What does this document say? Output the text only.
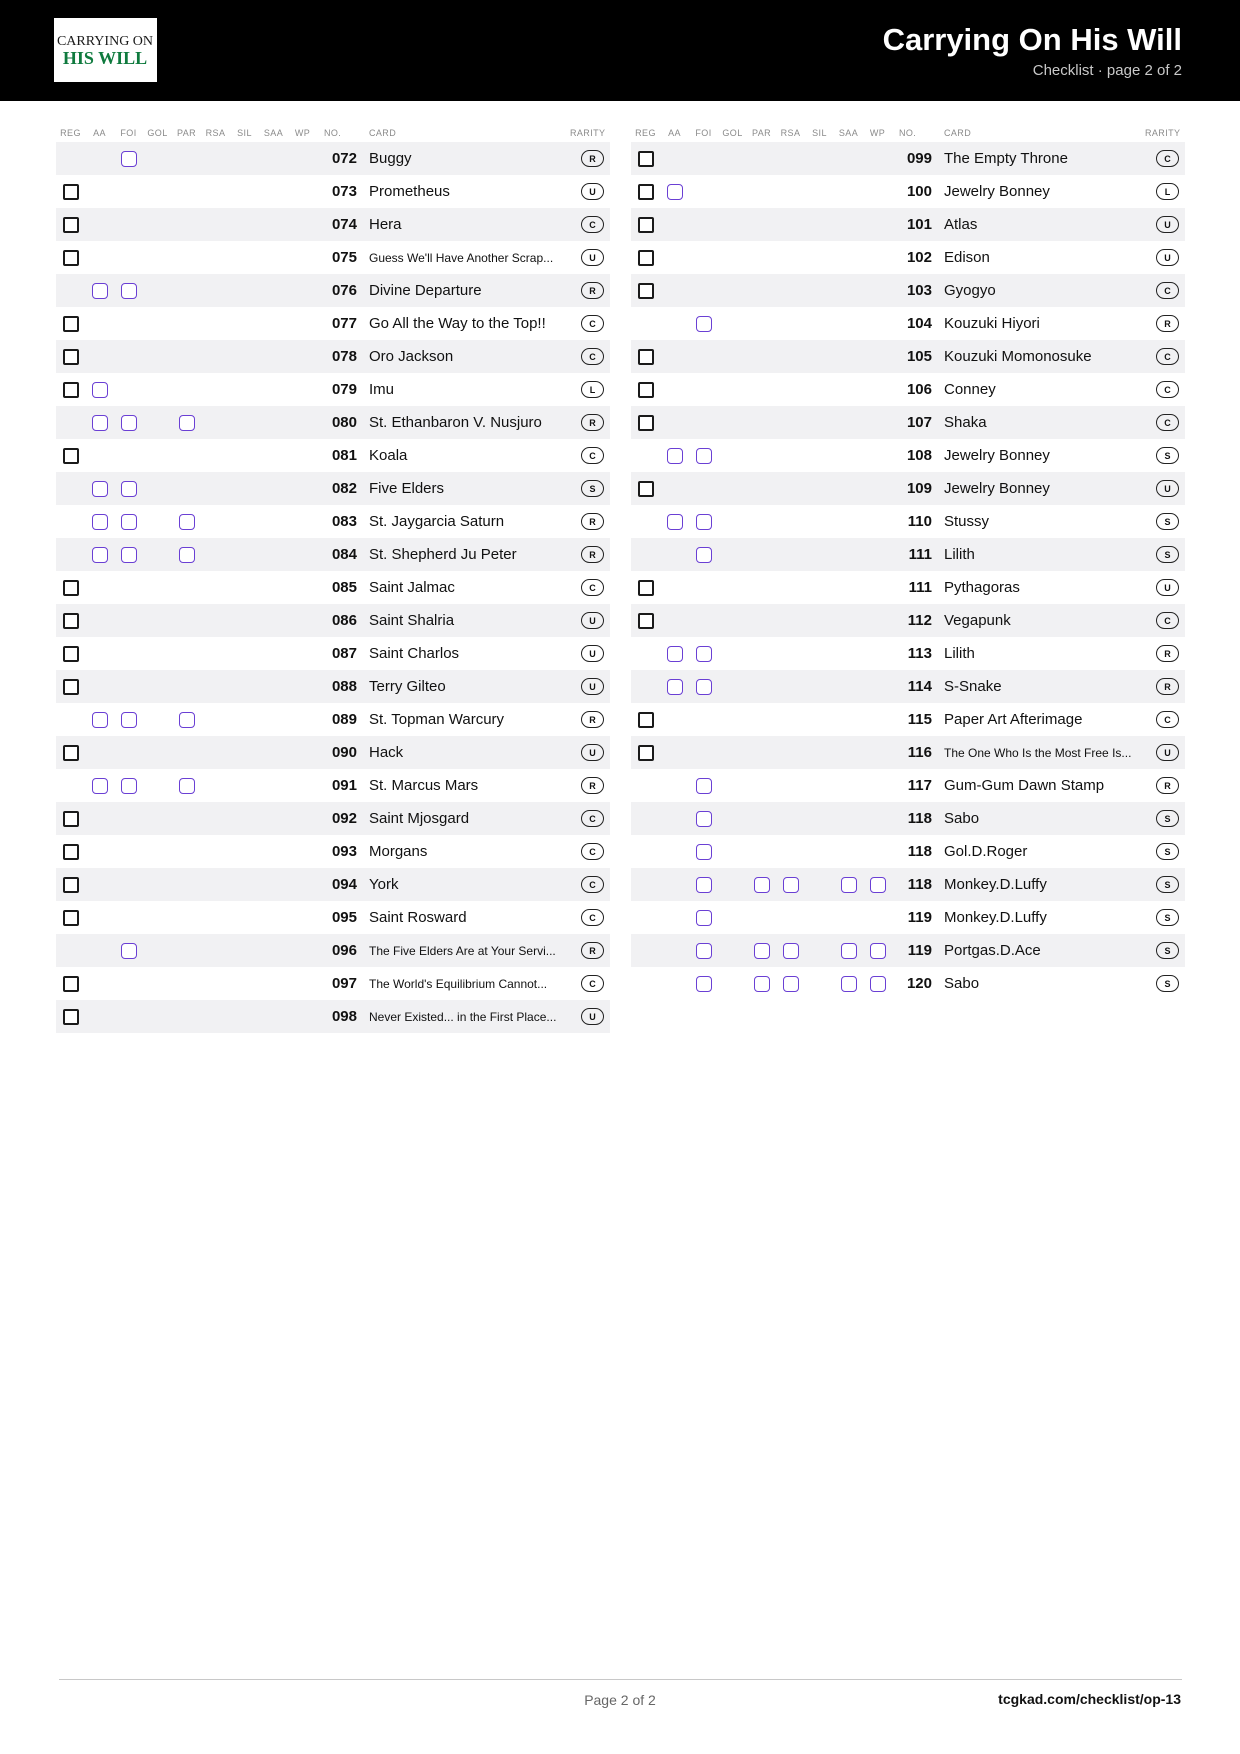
CARRYING ON
HIS WILL
Carrying On His Will
Checklist · page 2 of 2
REG	AA	FOI	GOL	PAR	RSA	SIL	SAA	WP	NO.	CARD	RARITY
072 Buggy	R
073 Prometheus	U
074 Hera	C
075	Guess We'll Have Another Scrap...	U
076 Divine Departure	R
077 Go All the Way to the Top!!	C
078 Oro Jackson	C
079 Imu	L
080 St. Ethanbaron V. Nusjuro	R
081 Koala	C
082 Five Elders	S
083 St. Jaygarcia Saturn	R
084 St. Shepherd Ju Peter	R
085 Saint Jalmac	C
086 Saint Shalria	U
087 Saint Charlos	U
088 Terry Gilteo	U
089 St. Topman Warcury	R
090 Hack	U
091 St. Marcus Mars	R
092 Saint Mjosgard	C
093 Morgans	C
094 York	C
095 Saint Rosward	C
096	The Five Elders Are at Your Servi...	R
097	The World's Equilibrium Cannot...	C
098	Never Existed... in the First Place...	U
REG	AA	FOI	GOL	PAR	RSA	SIL	SAA	WP	NO.	CARD	RARITY
099 The Empty Throne	C
100 Jewelry Bonney	L
101 Atlas	U
102 Edison	U
103 Gyogyo	C
104 Kouzuki Hiyori	R
105 Kouzuki Momonosuke	C
106 Conney	C
107 Shaka	C
108 Jewelry Bonney	S
109 Jewelry Bonney	U
110 Stussy	S
111 Lilith	S
111 Pythagoras	U
112 Vegapunk	C
113 Lilith	R
114 S-Snake	R
115 Paper Art Afterimage	C
116	The One Who Is the Most Free Is...	U
117 Gum-Gum Dawn Stamp	R
118 Sabo	S
118 Gol.D.Roger	S
118 Monkey.D.Luffy	S
119 Monkey.D.Luffy	S
119 Portgas.D.Ace	S
120 Sabo	S
Page 2 of 2	tcgkad.com/checklist/op-13
